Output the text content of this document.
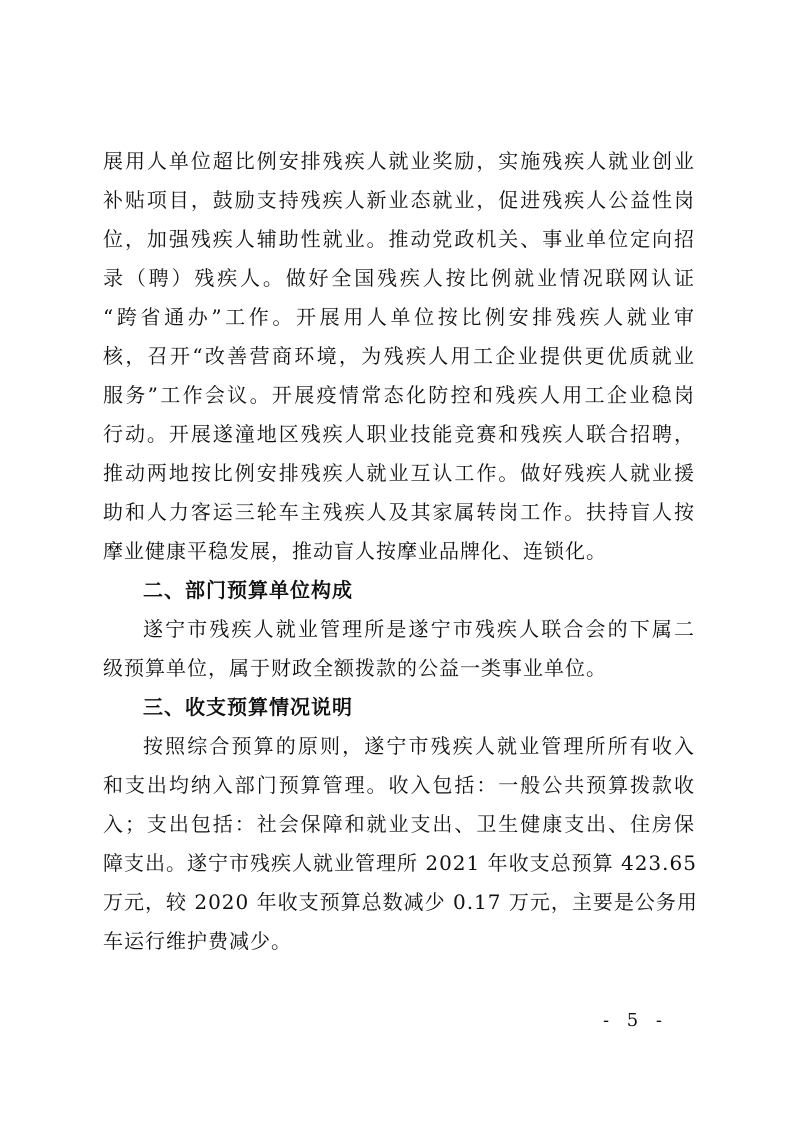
展用人单位超比例安排残疾人就业奖励，实施残疾人就业创业
补贴项目，鼓励支持残疾人新业态就业，促进残疾人公益性岗
位，加强残疾人辅助性就业。推动党政机关、事业单位定向招
录（聘）残疾人。做好全国残疾人按比例就业情况联网认证
“跨省通办”工作。开展用人单位按比例安排残疾人就业审
核，召开“改善营商环境，为残疾人用工企业提供更优质就业
服务”工作会议。开展疫情常态化防控和残疾人用工企业稳岗
行动。开展遂潼地区残疾人职业技能竞赛和残疾人联合招聘，
推动两地按比例安排残疾人就业互认工作。做好残疾人就业援
助和人力客运三轮车主残疾人及其家属转岗工作。扶持盲人按
摩业健康平稳发展，推动盲人按摩业品牌化、连锁化。
二、部门预算单位构成
遂宁市残疾人就业管理所是遂宁市残疾人联合会的下属二
级预算单位，属于财政全额拨款的公益一类事业单位。
三、收支预算情况说明
按照综合预算的原则，遂宁市残疾人就业管理所所有收入
和支出均纳入部门预算管理。收入包括：一般公共预算拨款收
入；支出包括：社会保障和就业支出、卫生健康支出、住房保
障支出。遂宁市残疾人就业管理所 2021 年收支总预算 423.65
万元，较 2020 年收支预算总数减少 0.17 万元，主要是公务用
车运行维护费减少。
- 5 -
